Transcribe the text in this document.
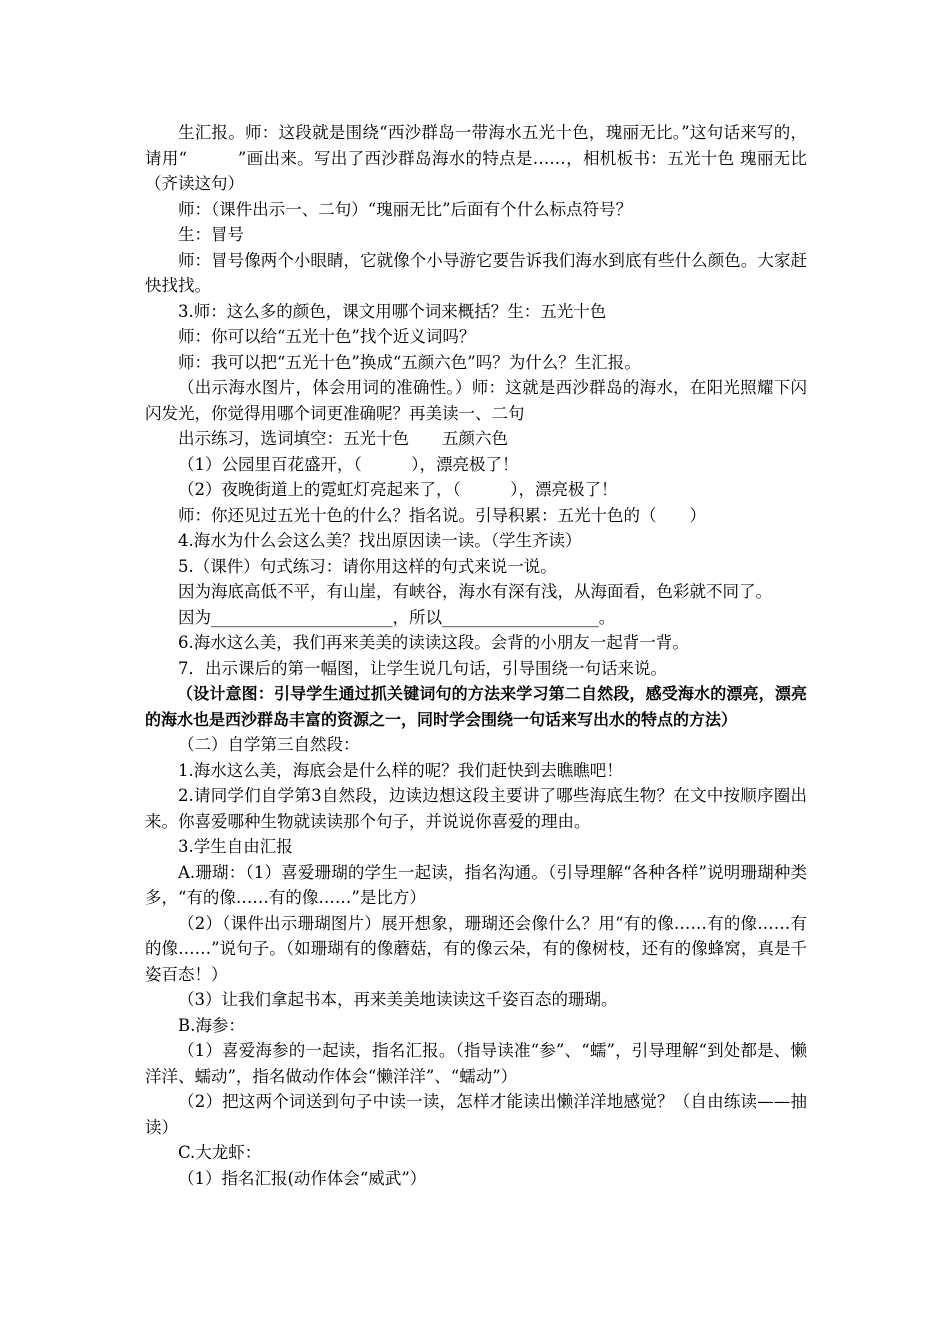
生汇报。师：这段就是围绕“西沙群岛一带海水五光十色，瑰丽无比。”这句话来写的，请用“　　　”画出来。写出了西沙群岛海水的特点是……，相机板书：五光十色 瑰丽无比（齐读这句）

师：（课件出示一、二句）“瑰丽无比”后面有个什么标点符号？

生：冒号

师：冒号像两个小眼睛，它就像个小导游它要告诉我们海水到底有些什么颜色。大家赶快找找。

3.师：这么多的颜色，课文用哪个词来概括？生：五光十色

师：你可以给“五光十色”找个近义词吗？

师：我可以把“五光十色”换成“五颜六色”吗？为什么？生汇报。

（出示海水图片，体会用词的准确性。）师：这就是西沙群岛的海水，在阳光照耀下闪闪发光，你觉得用哪个词更准确呢？再美读一、二句

出示练习，选词填空：五光十色　　五颜六色

（1）公园里百花盛开，（　　　），漂亮极了！

（2）夜晚街道上的霓虹灯亮起来了，（　　　），漂亮极了！

师：你还见过五光十色的什么？指名说。引导积累：五光十色的（　　）

4.海水为什么会这么美？找出原因读一读。（学生齐读）

5.（课件）句式练习：请你用这样的句式来说一说。

因为海底高低不平，有山崖，有峡谷，海水有深有浅，从海面看，色彩就不同了。

因为______________________，所以___________________。

6.海水这么美，我们再来美美的读读这段。会背的小朋友一起背一背。

7．出示课后的第一幅图，让学生说几句话，引导围绕一句话来说。

（设计意图：引导学生通过抓关键词句的方法来学习第二自然段，感受海水的漂亮，漂亮的海水也是西沙群岛丰富的资源之一，同时学会围绕一句话来写出水的特点的方法）

（二）自学第三自然段：

1.海水这么美，海底会是什么样的呢？我们赶快到去瞧瞧吧！

2.请同学们自学第3自然段，边读边想这段主要讲了哪些海底生物？在文中按顺序圈出来。你喜爱哪种生物就读读那个句子，并说说你喜爱的理由。

3.学生自由汇报

A.珊瑚：（1）喜爱珊瑚的学生一起读，指名沟通。（引导理解“各种各样”说明珊瑚种类多，“有的像……有的像……”是比方）

（2）（课件出示珊瑚图片）展开想象，珊瑚还会像什么？用“有的像……有的像……有的像……”说句子。（如珊瑚有的像蘑菇，有的像云朵，有的像树枝，还有的像蜂窝，真是千姿百态！）

（3）让我们拿起书本，再来美美地读读这千姿百态的珊瑚。

B.海参：

（1）喜爱海参的一起读，指名汇报。（指导读准“参”、“蠕”，引导理解“到处都是、懒洋洋、蠕动”，指名做动作体会“懒洋洋”、“蠕动”）

（2）把这两个词送到句子中读一读，怎样才能读出懒洋洋地感觉？（自由练读——抽读）

C.大龙虾：

（1）指名汇报(动作体会“威武”）
